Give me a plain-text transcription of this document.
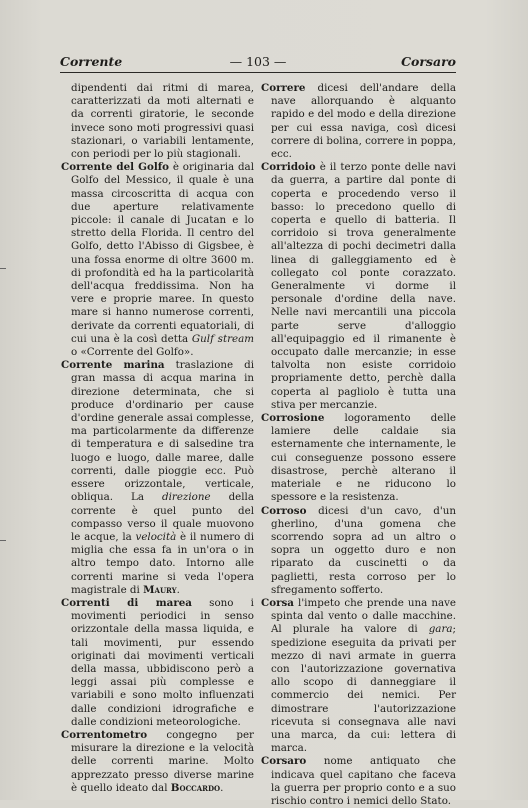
Corrente	— 103 —	Corsaro

dipendenti dai ritmi di marea, caratterizzati da moti alternati e da correnti giratorie, le seconde invece sono moti progressivi quasi stazionari, o variabili lentamente, con periodi per lo più stagionali.

Corrente del Golfo è originaria dal Golfo del Messico, il quale è una massa circoscritta di acqua con due aperture relativamente piccole: il canale di Jucatan e lo stretto della Florida. Il centro del Golfo, detto l'Abisso di Gigsbee, è una fossa enorme di oltre 3600 m. di profondità ed ha la particolarità dell'acqua freddissima. Non ha vere e proprie maree. In questo mare si hanno numerose correnti, derivate da correnti equatoriali, di cui una è la così detta Gulf stream o «Corrente del Golfo».

Corrente marina traslazione di gran massa di acqua marina in direzione determinata, che si produce d'ordinario per cause d'ordine generale assai complesse, ma particolarmente da differenze di temperatura e di salsedine tra luogo e luogo, dalle maree, dalle correnti, dalle pioggie ecc. Può essere orizzontale, verticale, obliqua. La direzione della corrente è quel punto del compasso verso il quale muovono le acque, la velocità è il numero di miglia che essa fa in un'ora o in altro tempo dato. Intorno alle correnti marine si veda l'opera magistrale di Maury.

Correnti di marea sono i movimenti periodici in senso orizzontale della massa liquida, e tali movimenti, pur essendo originati dai movimenti verticali della massa, ubbidiscono però a leggi assai più complesse e variabili e sono molto influenzati dalle condizioni idrografiche e dalle condizioni meteorologiche.

Correntometro congegno per misurare la direzione e la velocità delle correnti marine. Molto apprezzato presso diverse marine è quello ideato dal Boccardo.

Correre dicesi dell'andare della nave allorquando è alquanto rapido e del modo e della direzione per cui essa naviga, così dicesi correre di bolina, correre in poppa, ecc.

Corridoio è il terzo ponte delle navi da guerra, a partire dal ponte di coperta e procedendo verso il basso: lo precedono quello di coperta e quello di batteria. Il corridoio si trova generalmente all'altezza di pochi decimetri dalla linea di galleggiamento ed è collegato col ponte corazzato. Generalmente vi dorme il personale d'ordine della nave. Nelle navi mercantili una piccola parte serve d'alloggio all'equipaggio ed il rimanente è occupato dalle mercanzie; in esse talvolta non esiste corridoio propriamente detto, perchè dalla coperta al pagliolo è tutta una stiva per mercanzie.

Corrosione logoramento delle lamiere delle caldaie sia esternamente che internamente, le cui conseguenze possono essere disastrose, perchè alterano il materiale e ne riducono lo spessore e la resistenza.

Corroso dicesi d'un cavo, d'un gherlino, d'una gomena che scorrendo sopra ad un altro o sopra un oggetto duro e non riparato da cuscinetti o da paglietti, resta corroso per lo sfregamento sofferto.

Corsa l'impeto che prende una nave spinta dal vento o dalle macchine. Al plurale ha valore di gara; spedizione eseguita da privati per mezzo di navi armate in guerra con l'autorizzazione governativa allo scopo di danneggiare il commercio dei nemici. Per dimostrare l'autorizzazione ricevuta si consegnava alle navi una marca, da cui: lettera di marca.

Corsaro nome antiquato che indicava quel capitano che faceva la guerra per proprio conto e a suo rischio contro i nemici dello Stato.
